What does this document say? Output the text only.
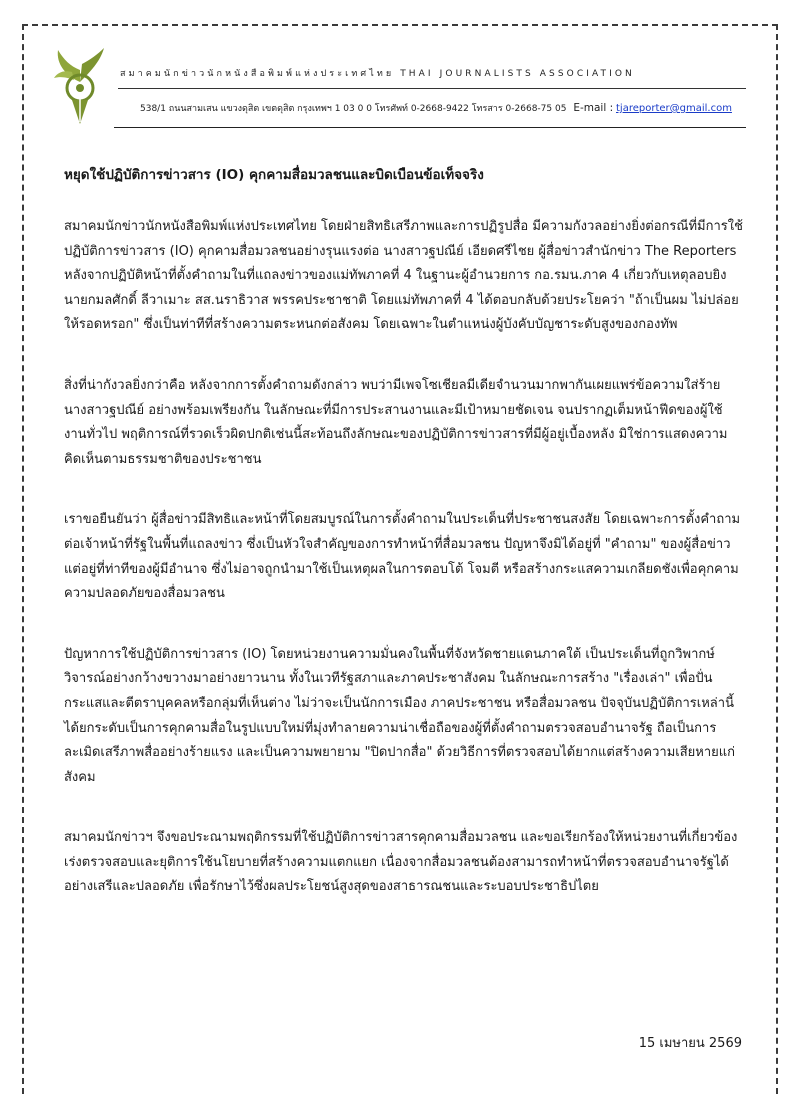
สมาคมนักข่าวนักหนังสือพิมพ์แห่งประเทศไทย THAI JOURNALISTS ASSOCIATION
538/1 ถนนสามเสน แขวงดุสิต เขตดุสิต กรุงเทพฯ 1 03 0 0 โทรศัพท์ 0-2668-9422 โทรสาร 0-2668-75 05 E-mail : tjareporter@gmail.com
หยุดใช้ปฏิบัติการข่าวสาร (IO) คุกคามสื่อมวลชนและบิดเบือนข้อเท็จจริง

สมาคมนักข่าวนักหนังสือพิมพ์แห่งประเทศไทย โดยฝ่ายสิทธิเสรีภาพและการปฏิรูปสื่อ มีความกังวลอย่างยิ่งต่อกรณีที่มีการใช้ปฏิบัติการข่าวสาร (IO) คุกคามสื่อมวลชนอย่างรุนแรงต่อ นางสาวฐปณีย์ เอียดศรีไชย ผู้สื่อข่าวสำนักข่าว The Reporters หลังจากปฏิบัติหน้าที่ตั้งคำถามในที่แถลงข่าวของแม่ทัพภาคที่ 4 ในฐานะผู้อำนวยการ กอ.รมน.ภาค 4 เกี่ยวกับเหตุลอบยิงนายกมลศักดิ์ ลีวาเมาะ สส.นราธิวาส พรรคประชาชาติ โดยแม่ทัพภาคที่ 4 ได้ตอบกลับด้วยประโยคว่า "ถ้าเป็นผม ไม่ปล่อยให้รอดหรอก" ซึ่งเป็นท่าทีที่สร้างความตระหนกต่อสังคม โดยเฉพาะในตำแหน่งผู้บังคับบัญชาระดับสูงของกองทัพ

สิ่งที่น่ากังวลยิ่งกว่าคือ หลังจากการตั้งคำถามดังกล่าว พบว่ามีเพจโซเชียลมีเดียจำนวนมากพากันเผยแพร่ข้อความใส่ร้าย นางสาวฐปณีย์ อย่างพร้อมเพรียงกัน ในลักษณะที่มีการประสานงานและมีเป้าหมายชัดเจน จนปรากฏเต็มหน้าฟีดของผู้ใช้งานทั่วไป พฤติการณ์ที่รวดเร็วผิดปกติเช่นนี้สะท้อนถึงลักษณะของปฏิบัติการข่าวสารที่มีผู้อยู่เบื้องหลัง มิใช่การแสดงความคิดเห็นตามธรรมชาติของประชาชน

เราขอยืนยันว่า ผู้สื่อข่าวมีสิทธิและหน้าที่โดยสมบูรณ์ในการตั้งคำถามในประเด็นที่ประชาชนสงสัย โดยเฉพาะการตั้งคำถามต่อเจ้าหน้าที่รัฐในพื้นที่แถลงข่าว ซึ่งเป็นหัวใจสำคัญของการทำหน้าที่สื่อมวลชน ปัญหาจึงมิได้อยู่ที่ "คำถาม" ของผู้สื่อข่าว แต่อยู่ที่ท่าทีของผู้มีอำนาจ ซึ่งไม่อาจถูกนำมาใช้เป็นเหตุผลในการตอบโต้ โจมตี หรือสร้างกระแสความเกลียดชังเพื่อคุกคามความปลอดภัยของสื่อมวลชน

ปัญหาการใช้ปฏิบัติการข่าวสาร (IO) โดยหน่วยงานความมั่นคงในพื้นที่จังหวัดชายแดนภาคใต้ เป็นประเด็นที่ถูกวิพากษ์วิจารณ์อย่างกว้างขวางมาอย่างยาวนาน ทั้งในเวทีรัฐสภาและภาคประชาสังคม ในลักษณะการสร้าง "เรื่องเล่า" เพื่อปั่นกระแสและตีตราบุคคลหรือกลุ่มที่เห็นต่าง ไม่ว่าจะเป็นนักการเมือง ภาคประชาชน หรือสื่อมวลชน ปัจจุบันปฏิบัติการเหล่านี้ได้ยกระดับเป็นการคุกคามสื่อในรูปแบบใหม่ที่มุ่งทำลายความน่าเชื่อถือของผู้ที่ตั้งคำถามตรวจสอบอำนาจรัฐ ถือเป็นการละเมิดเสรีภาพสื่ออย่างร้ายแรง และเป็นความพยายาม "ปิดปากสื่อ" ด้วยวิธีการที่ตรวจสอบได้ยากแต่สร้างความเสียหายแก่สังคม

สมาคมนักข่าวฯ จึงขอประณามพฤติกรรมที่ใช้ปฏิบัติการข่าวสารคุกคามสื่อมวลชน และขอเรียกร้องให้หน่วยงานที่เกี่ยวข้อง เร่งตรวจสอบและยุติการใช้นโยบายที่สร้างความแตกแยก เนื่องจากสื่อมวลชนต้องสามารถทำหน้าที่ตรวจสอบอำนาจรัฐได้อย่างเสรีและปลอดภัย เพื่อรักษาไว้ซึ่งผลประโยชน์สูงสุดของสาธารณชนและระบอบประชาธิปไตย

15 เมษายน 2569
